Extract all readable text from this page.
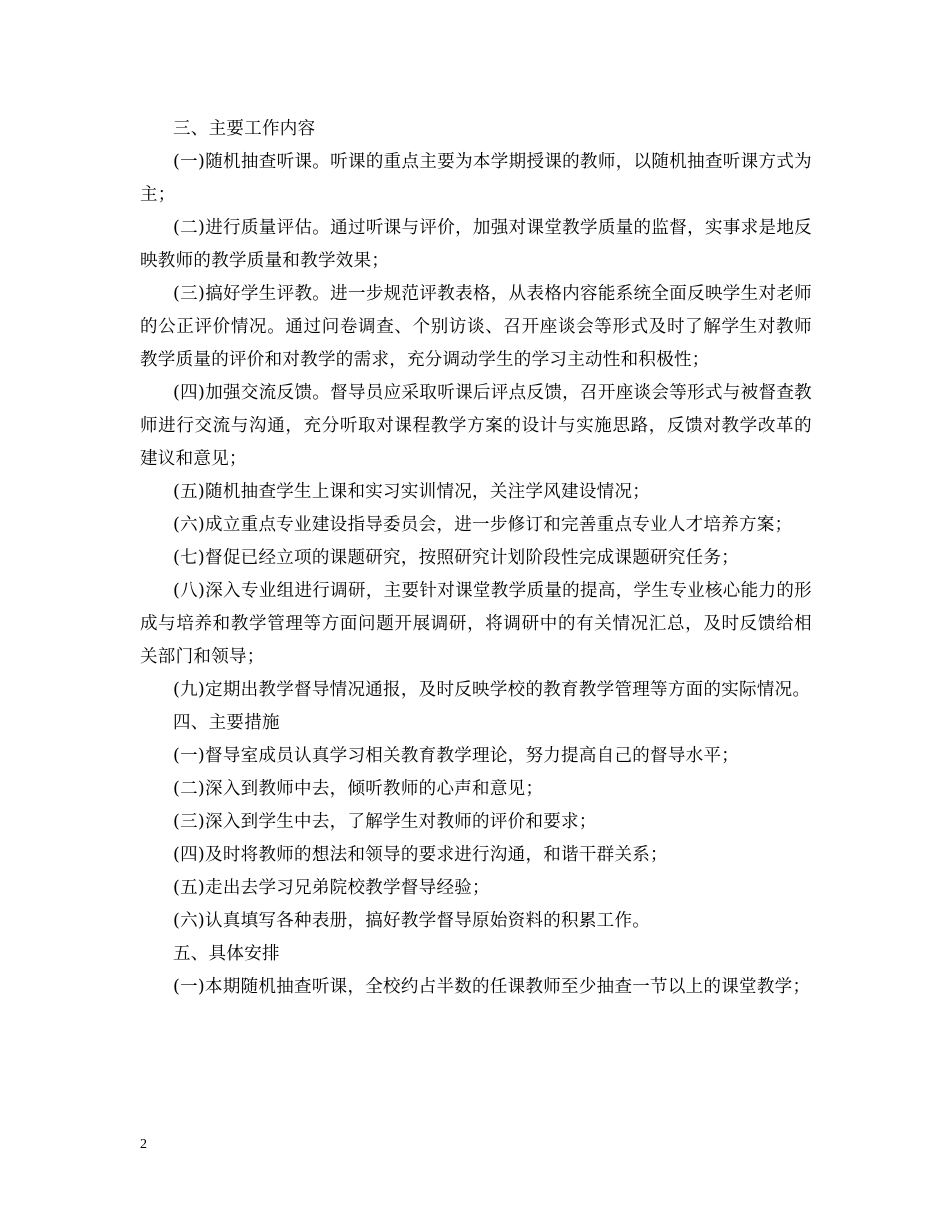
三、主要工作内容

(一)随机抽查听课。听课的重点主要为本学期授课的教师，以随机抽查听课方式为主；

(二)进行质量评估。通过听课与评价，加强对课堂教学质量的监督，实事求是地反映教师的教学质量和教学效果；

(三)搞好学生评教。进一步规范评教表格，从表格内容能系统全面反映学生对老师的公正评价情况。通过问卷调查、个别访谈、召开座谈会等形式及时了解学生对教师教学质量的评价和对教学的需求，充分调动学生的学习主动性和积极性；

(四)加强交流反馈。督导员应采取听课后评点反馈，召开座谈会等形式与被督查教师进行交流与沟通，充分听取对课程教学方案的设计与实施思路，反馈对教学改革的建议和意见；

(五)随机抽查学生上课和实习实训情况，关注学风建设情况；

(六)成立重点专业建设指导委员会，进一步修订和完善重点专业人才培养方案；

(七)督促已经立项的课题研究，按照研究计划阶段性完成课题研究任务；

(八)深入专业组进行调研，主要针对课堂教学质量的提高，学生专业核心能力的形成与培养和教学管理等方面问题开展调研，将调研中的有关情况汇总，及时反馈给相关部门和领导；

(九)定期出教学督导情况通报，及时反映学校的教育教学管理等方面的实际情况。

四、主要措施

(一)督导室成员认真学习相关教育教学理论，努力提高自己的督导水平；

(二)深入到教师中去，倾听教师的心声和意见；

(三)深入到学生中去，了解学生对教师的评价和要求；

(四)及时将教师的想法和领导的要求进行沟通，和谐干群关系；

(五)走出去学习兄弟院校教学督导经验；

(六)认真填写各种表册，搞好教学督导原始资料的积累工作。

五、具体安排

(一)本期随机抽查听课，全校约占半数的任课教师至少抽查一节以上的课堂教学；

2
